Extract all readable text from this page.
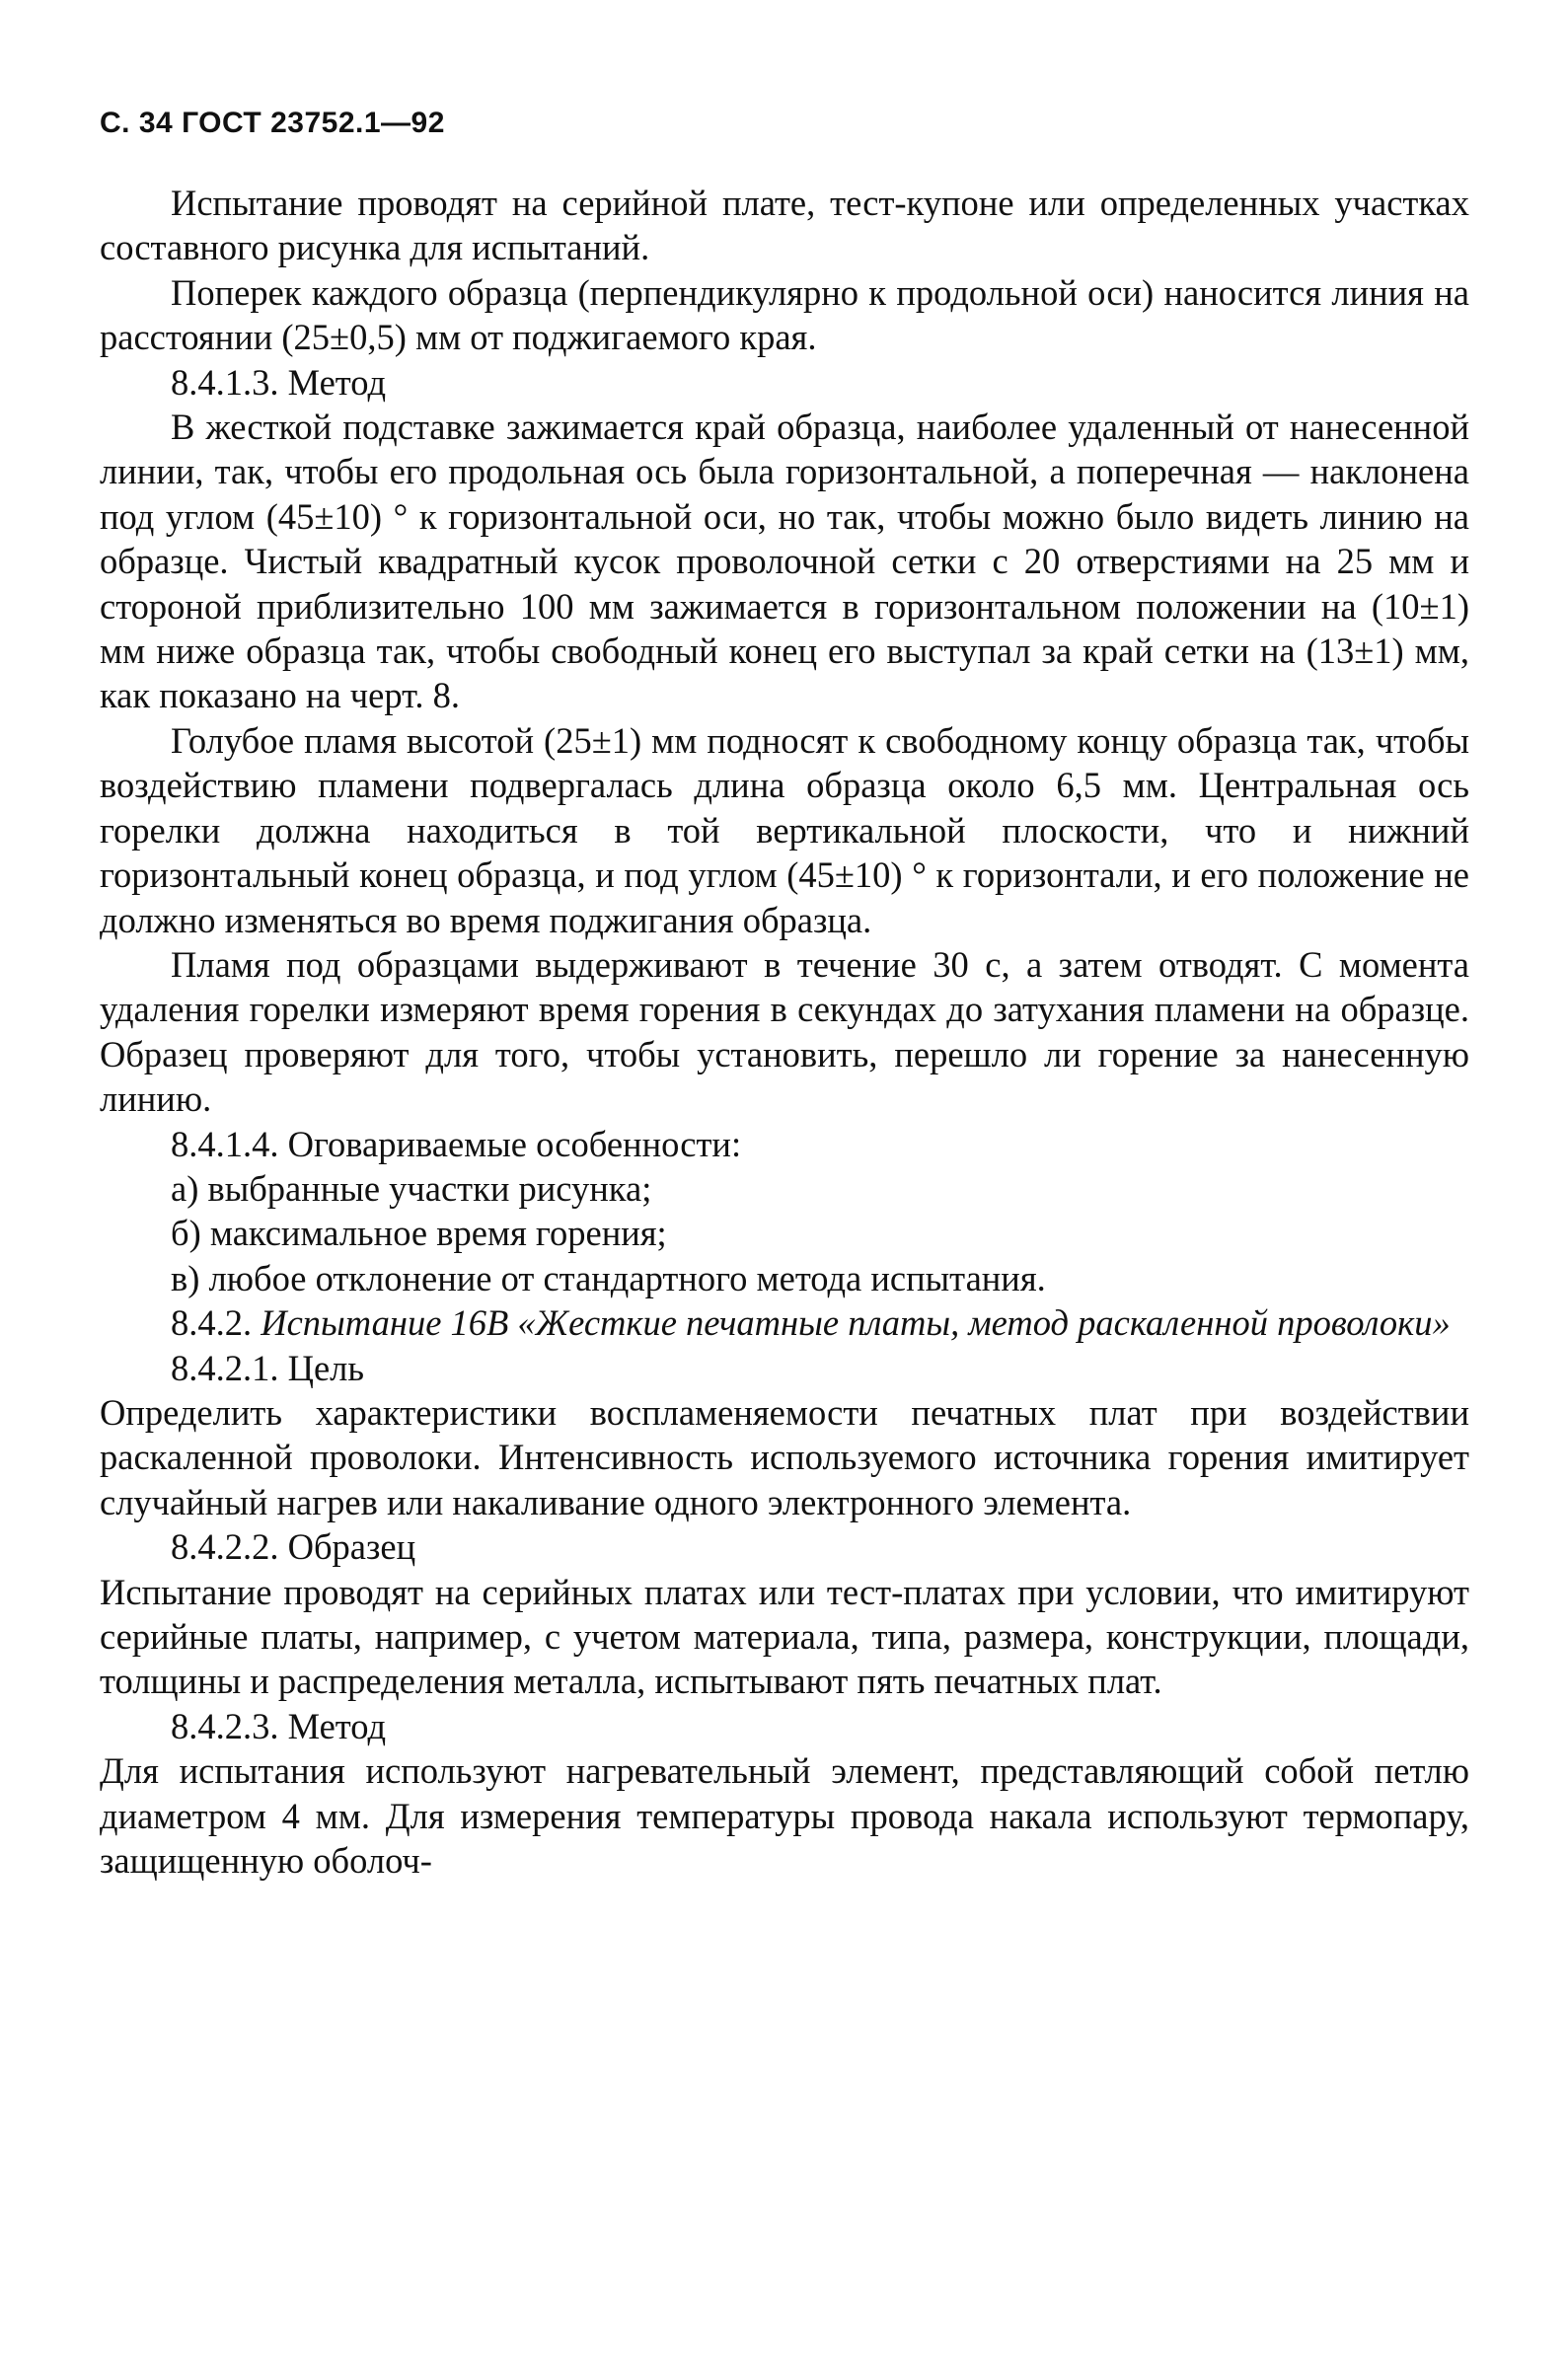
С. 34 ГОСТ 23752.1—92

Испытание проводят на серийной плате, тест-купоне или определенных участках составного рисунка для испытаний.

Поперек каждого образца (перпендикулярно к продольной оси) наносится линия на расстоянии (25±0,5) мм от поджигаемого края.

8.4.1.3. Метод

В жесткой подставке зажимается край образца, наиболее удаленный от нанесенной линии, так, чтобы его продольная ось была горизонтальной, а поперечная — наклонена под углом (45±10) ° к горизонтальной оси, но так, чтобы можно было видеть линию на образце. Чистый квадратный кусок проволочной сетки с 20 отверстиями на 25 мм и стороной приблизительно 100 мм зажимается в горизонтальном положении на (10±1) мм ниже образца так, чтобы свободный конец его выступал за край сетки на (13±1) мм, как показано на черт. 8.

Голубое пламя высотой (25±1) мм подносят к свободному концу образца так, чтобы воздействию пламени подвергалась длина образца около 6,5 мм. Центральная ось горелки должна находиться в той вертикальной плоскости, что и нижний горизонтальный конец образца, и под углом (45±10) ° к горизонтали, и его положение не должно изменяться во время поджигания образца.

Пламя под образцами выдерживают в течение 30 с, а затем отводят. С момента удаления горелки измеряют время горения в секундах до затухания пламени на образце. Образец проверяют для того, чтобы установить, перешло ли горение за нанесенную линию.

8.4.1.4. Оговариваемые особенности:

а) выбранные участки рисунка;

б) максимальное время горения;

в) любое отклонение от стандартного метода испытания.

8.4.2. Испытание 16В «Жесткие печатные платы, метод раскаленной проволоки»

8.4.2.1. Цель

Определить характеристики воспламеняемости печатных плат при воздействии раскаленной проволоки. Интенсивность используемого источника горения имитирует случайный нагрев или накаливание одного электронного элемента.

8.4.2.2. Образец

Испытание проводят на серийных платах или тест-платах при условии, что имитируют серийные платы, например, с учетом материала, типа, размера, конструкции, площади, толщины и распределения металла, испытывают пять печатных плат.

8.4.2.3. Метод

Для испытания используют нагревательный элемент, представляющий собой петлю диаметром 4 мм. Для измерения температуры провода накала используют термопару, защищенную оболоч-
